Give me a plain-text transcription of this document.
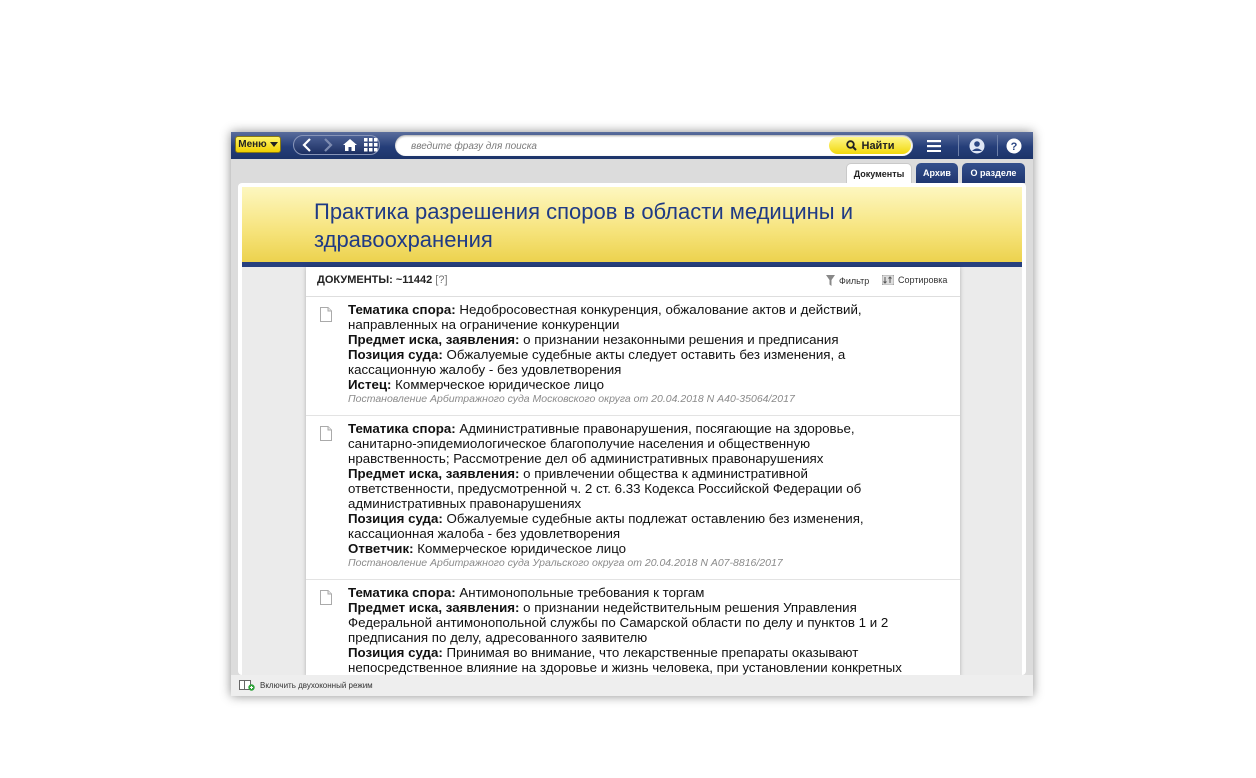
Меню
введите фразу для поиска	Найти	?
Документы Архив О разделе
Практика разрешения споров в области медицины и здравоохранения
ДОКУМЕНТЫ: ~11442 [?]	Фильтр	Сортировка
Тематика спора: Недобросовестная конкуренция, обжалование актов и действий, направленных на ограничение конкуренции
Предмет иска, заявления: о признании незаконными решения и предписания
Позиция суда: Обжалуемые судебные акты следует оставить без изменения, а кассационную жалобу - без удовлетворения
Истец: Коммерческое юридическое лицо
Постановление Арбитражного суда Московского округа от 20.04.2018 N А40-35064/2017
Тематика спора: Административные правонарушения, посягающие на здоровье, санитарно-эпидемиологическое благополучие населения и общественную нравственность; Рассмотрение дел об административных правонарушениях
Предмет иска, заявления: о привлечении общества к административной ответственности, предусмотренной ч. 2 ст. 6.33 Кодекса Российской Федерации об административных правонарушениях
Позиция суда: Обжалуемые судебные акты подлежат оставлению без изменения, кассационная жалоба - без удовлетворения
Ответчик: Коммерческое юридическое лицо
Постановление Арбитражного суда Уральского округа от 20.04.2018 N А07-8816/2017
Тематика спора: Антимонопольные требования к торгам
Предмет иска, заявления: о признании недействительным решения Управления Федеральной антимонопольной службы по Самарской области по делу и пунктов 1 и 2 предписания по делу, адресованного заявителю
Позиция суда: Принимая во внимание, что лекарственные препараты оказывают непосредственное влияние на здоровье и жизнь человека, при установлении конкретных
Включить двухоконный режим
